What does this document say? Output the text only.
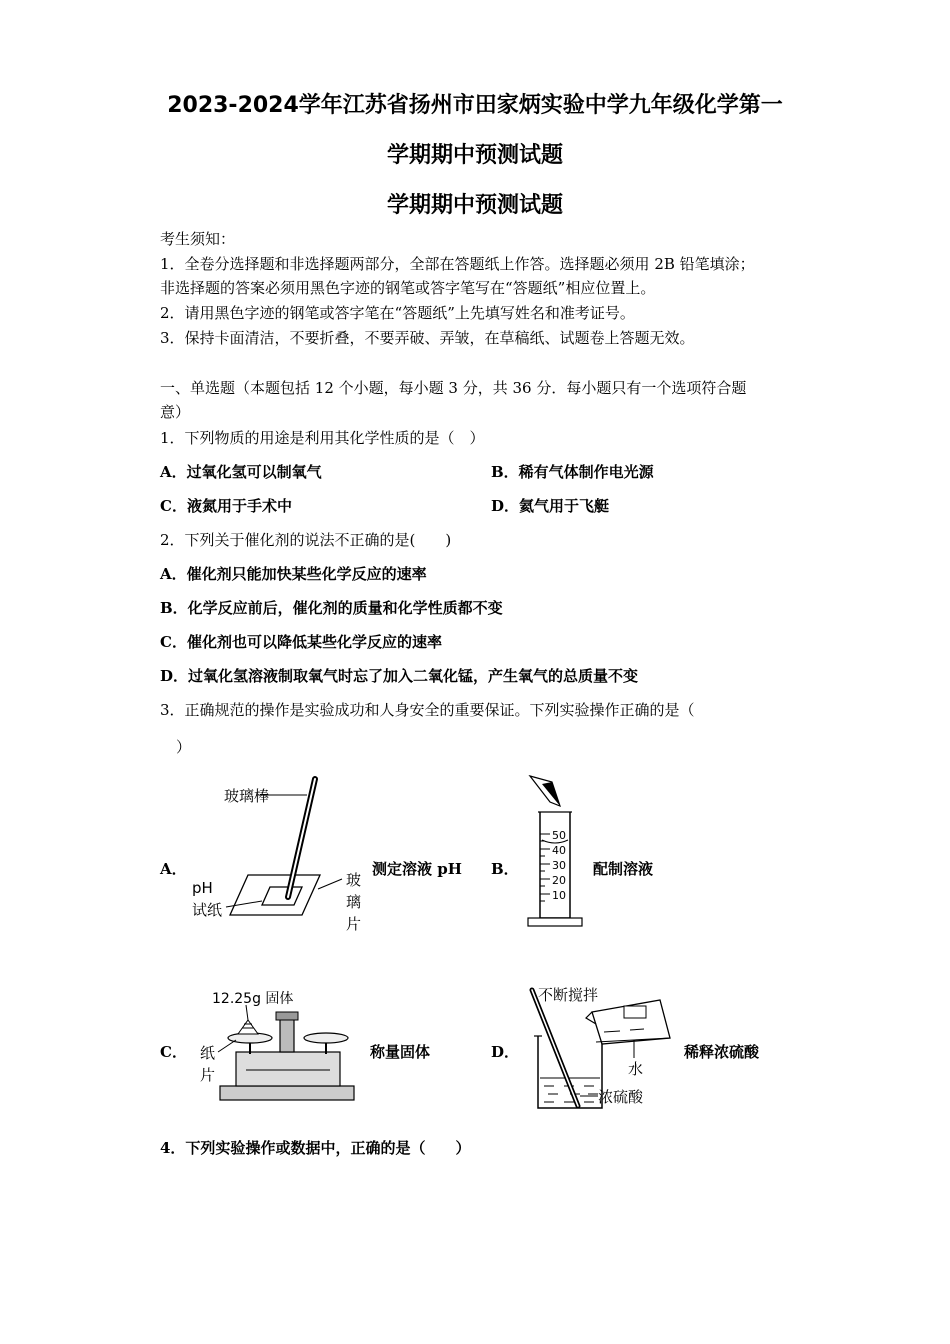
2023-2024学年江苏省扬州市田家炳实验中学九年级化学第一
学期期中预测试题
学期期中预测试题
考生须知：
1．全卷分选择题和非选择题两部分，全部在答题纸上作答。选择题必须用 2B 铅笔填涂；
非选择题的答案必须用黑色字迹的钢笔或答字笔写在“答题纸”相应位置上。
2．请用黑色字迹的钢笔或答字笔在“答题纸”上先填写姓名和准考证号。
3．保持卡面清洁，不要折叠，不要弄破、弄皱，在草稿纸、试题卷上答题无效。
一、单选题（本题包括 12 个小题，每小题 3 分，共 36 分．每小题只有一个选项符合题
意）
1．下列物质的用途是利用其化学性质的是（　）
A．过氧化氢可以制氧气	B．稀有气体制作电光源
C．液氮用于手术中	D．氦气用于飞艇
2．下列关于催化剂的说法不正确的是(　　)
A．催化剂只能加快某些化学反应的速率
B．化学反应前后，催化剂的质量和化学性质都不变
C．催化剂也可以降低某些化学反应的速率
D．过氧化氢溶液制取氧气时忘了加入二氧化锰，产生氧气的总质量不变
3．正确规范的操作是实验成功和人身安全的重要保证。下列实验操作正确的是（
）
A．	测定溶液 pH
玻璃棒
pH
试纸
玻
璃
片
B．	配制溶液
50
40
30
20
10
C．	称量固体
12.25g 固体
纸
片
D．	稀释浓硫酸
不断搅拌
水
浓硫酸
4．下列实验操作或数据中，正确的是（　　）
